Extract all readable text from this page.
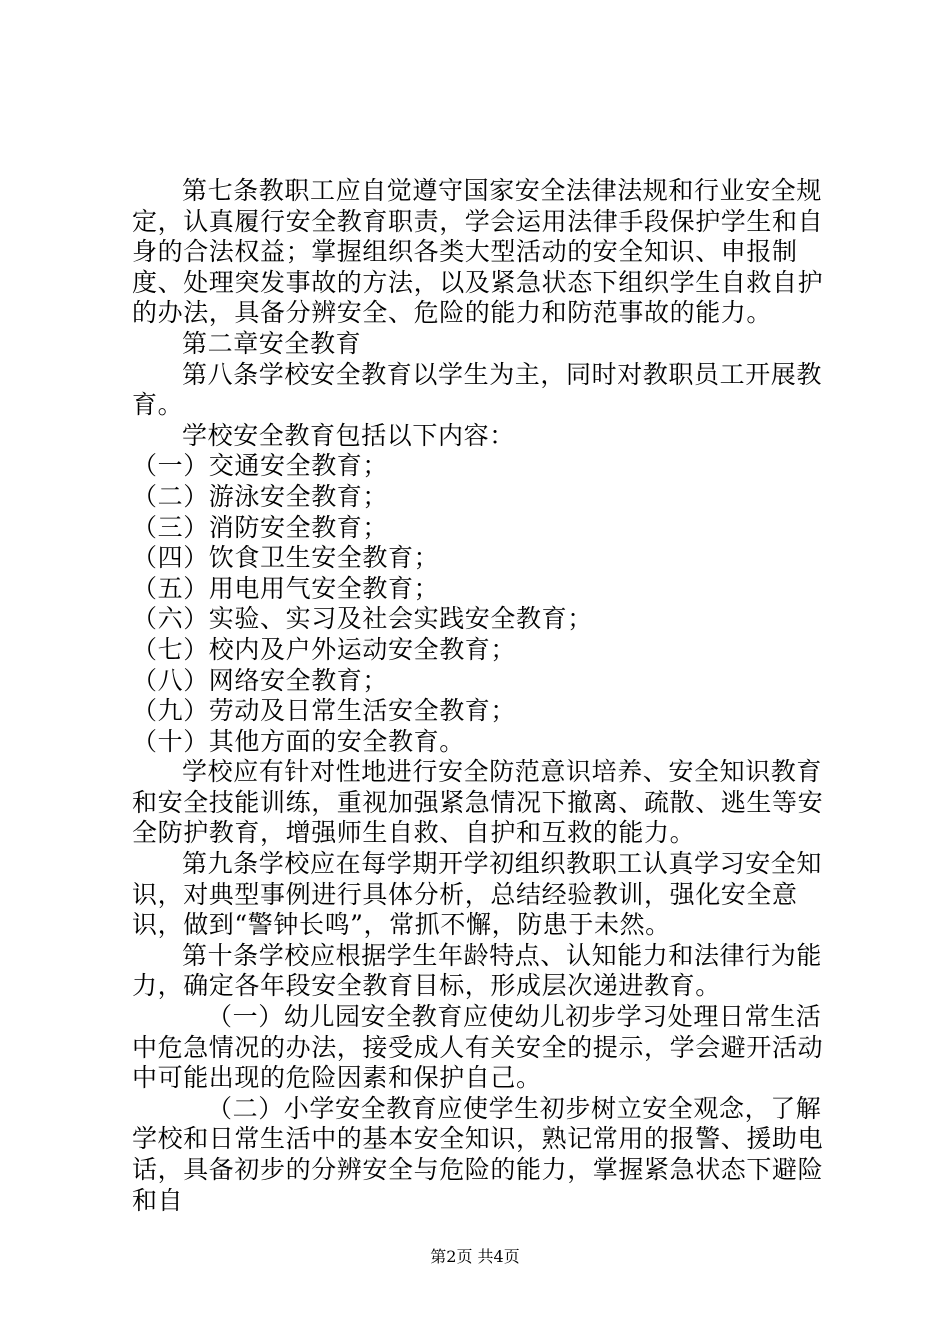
第七条教职工应自觉遵守国家安全法律法规和行业安全规定，认真履行安全教育职责，学会运用法律手段保护学生和自身的合法权益；掌握组织各类大型活动的安全知识、申报制度、处理突发事故的方法，以及紧急状态下组织学生自救自护的办法，具备分辨安全、危险的能力和防范事故的能力。

第二章安全教育

第八条学校安全教育以学生为主，同时对教职员工开展教育。

学校安全教育包括以下内容：

（一）交通安全教育；

（二）游泳安全教育；

（三）消防安全教育；

（四）饮食卫生安全教育；

（五）用电用气安全教育；

（六）实验、实习及社会实践安全教育；

（七）校内及户外运动安全教育；

（八）网络安全教育；

（九）劳动及日常生活安全教育；

（十）其他方面的安全教育。

学校应有针对性地进行安全防范意识培养、安全知识教育和安全技能训练，重视加强紧急情况下撤离、疏散、逃生等安全防护教育，增强师生自救、自护和互救的能力。

第九条学校应在每学期开学初组织教职工认真学习安全知识，对典型事例进行具体分析，总结经验教训，强化安全意识，做到“警钟长鸣”，常抓不懈，防患于未然。

第十条学校应根据学生年龄特点、认知能力和法律行为能力，确定各年段安全教育目标，形成层次递进教育。

（一）幼儿园安全教育应使幼儿初步学习处理日常生活中危急情况的办法，接受成人有关安全的提示，学会避开活动中可能出现的危险因素和保护自己。

（二）小学安全教育应使学生初步树立安全观念，了解学校和日常生活中的基本安全知识，熟记常用的报警、援助电话，具备初步的分辨安全与危险的能力，掌握紧急状态下避险和自

第2页 共4页
